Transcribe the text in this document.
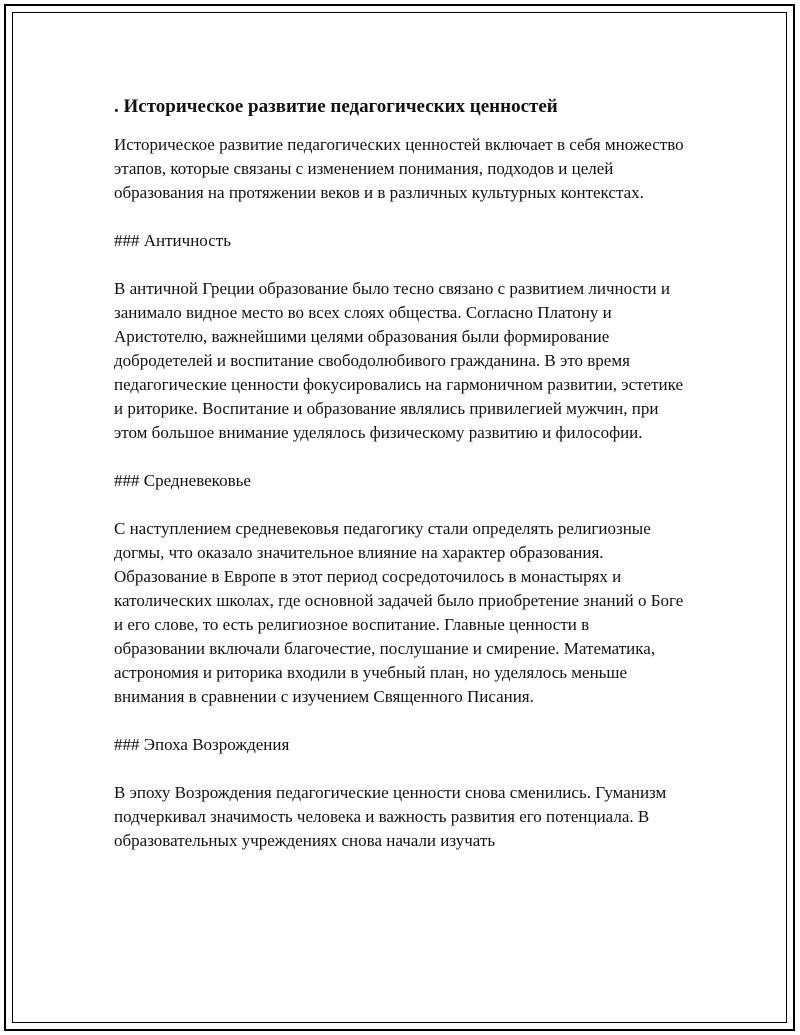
. Историческое развитие педагогических ценностей

Историческое развитие педагогических ценностей включает в себя множество этапов, которые связаны с изменением понимания, подходов и целей образования на протяжении веков и в различных культурных контекстах.

### Античность

В античной Греции образование было тесно связано с развитием личности и занимало видное место во всех слоях общества. Согласно Платону и Аристотелю, важнейшими целями образования были формирование добродетелей и воспитание свободолюбивого гражданина. В это время педагогические ценности фокусировались на гармоничном развитии, эстетике и риторике. Воспитание и образование являлись привилегией мужчин, при этом большое внимание уделялось физическому развитию и философии.

### Средневековье

С наступлением средневековья педагогику стали определять религиозные догмы, что оказало значительное влияние на характер образования. Образование в Европе в этот период сосредоточилось в монастырях и католических школах, где основной задачей было приобретение знаний о Боге и его слове, то есть религиозное воспитание. Главные ценности в образовании включали благочестие, послушание и смирение. Математика, астрономия и риторика входили в учебный план, но уделялось меньше внимания в сравнении с изучением Священного Писания.

### Эпоха Возрождения

В эпоху Возрождения педагогические ценности снова сменились. Гуманизм подчеркивал значимость человека и важность развития его потенциала. В образовательных учреждениях снова начали изучать
